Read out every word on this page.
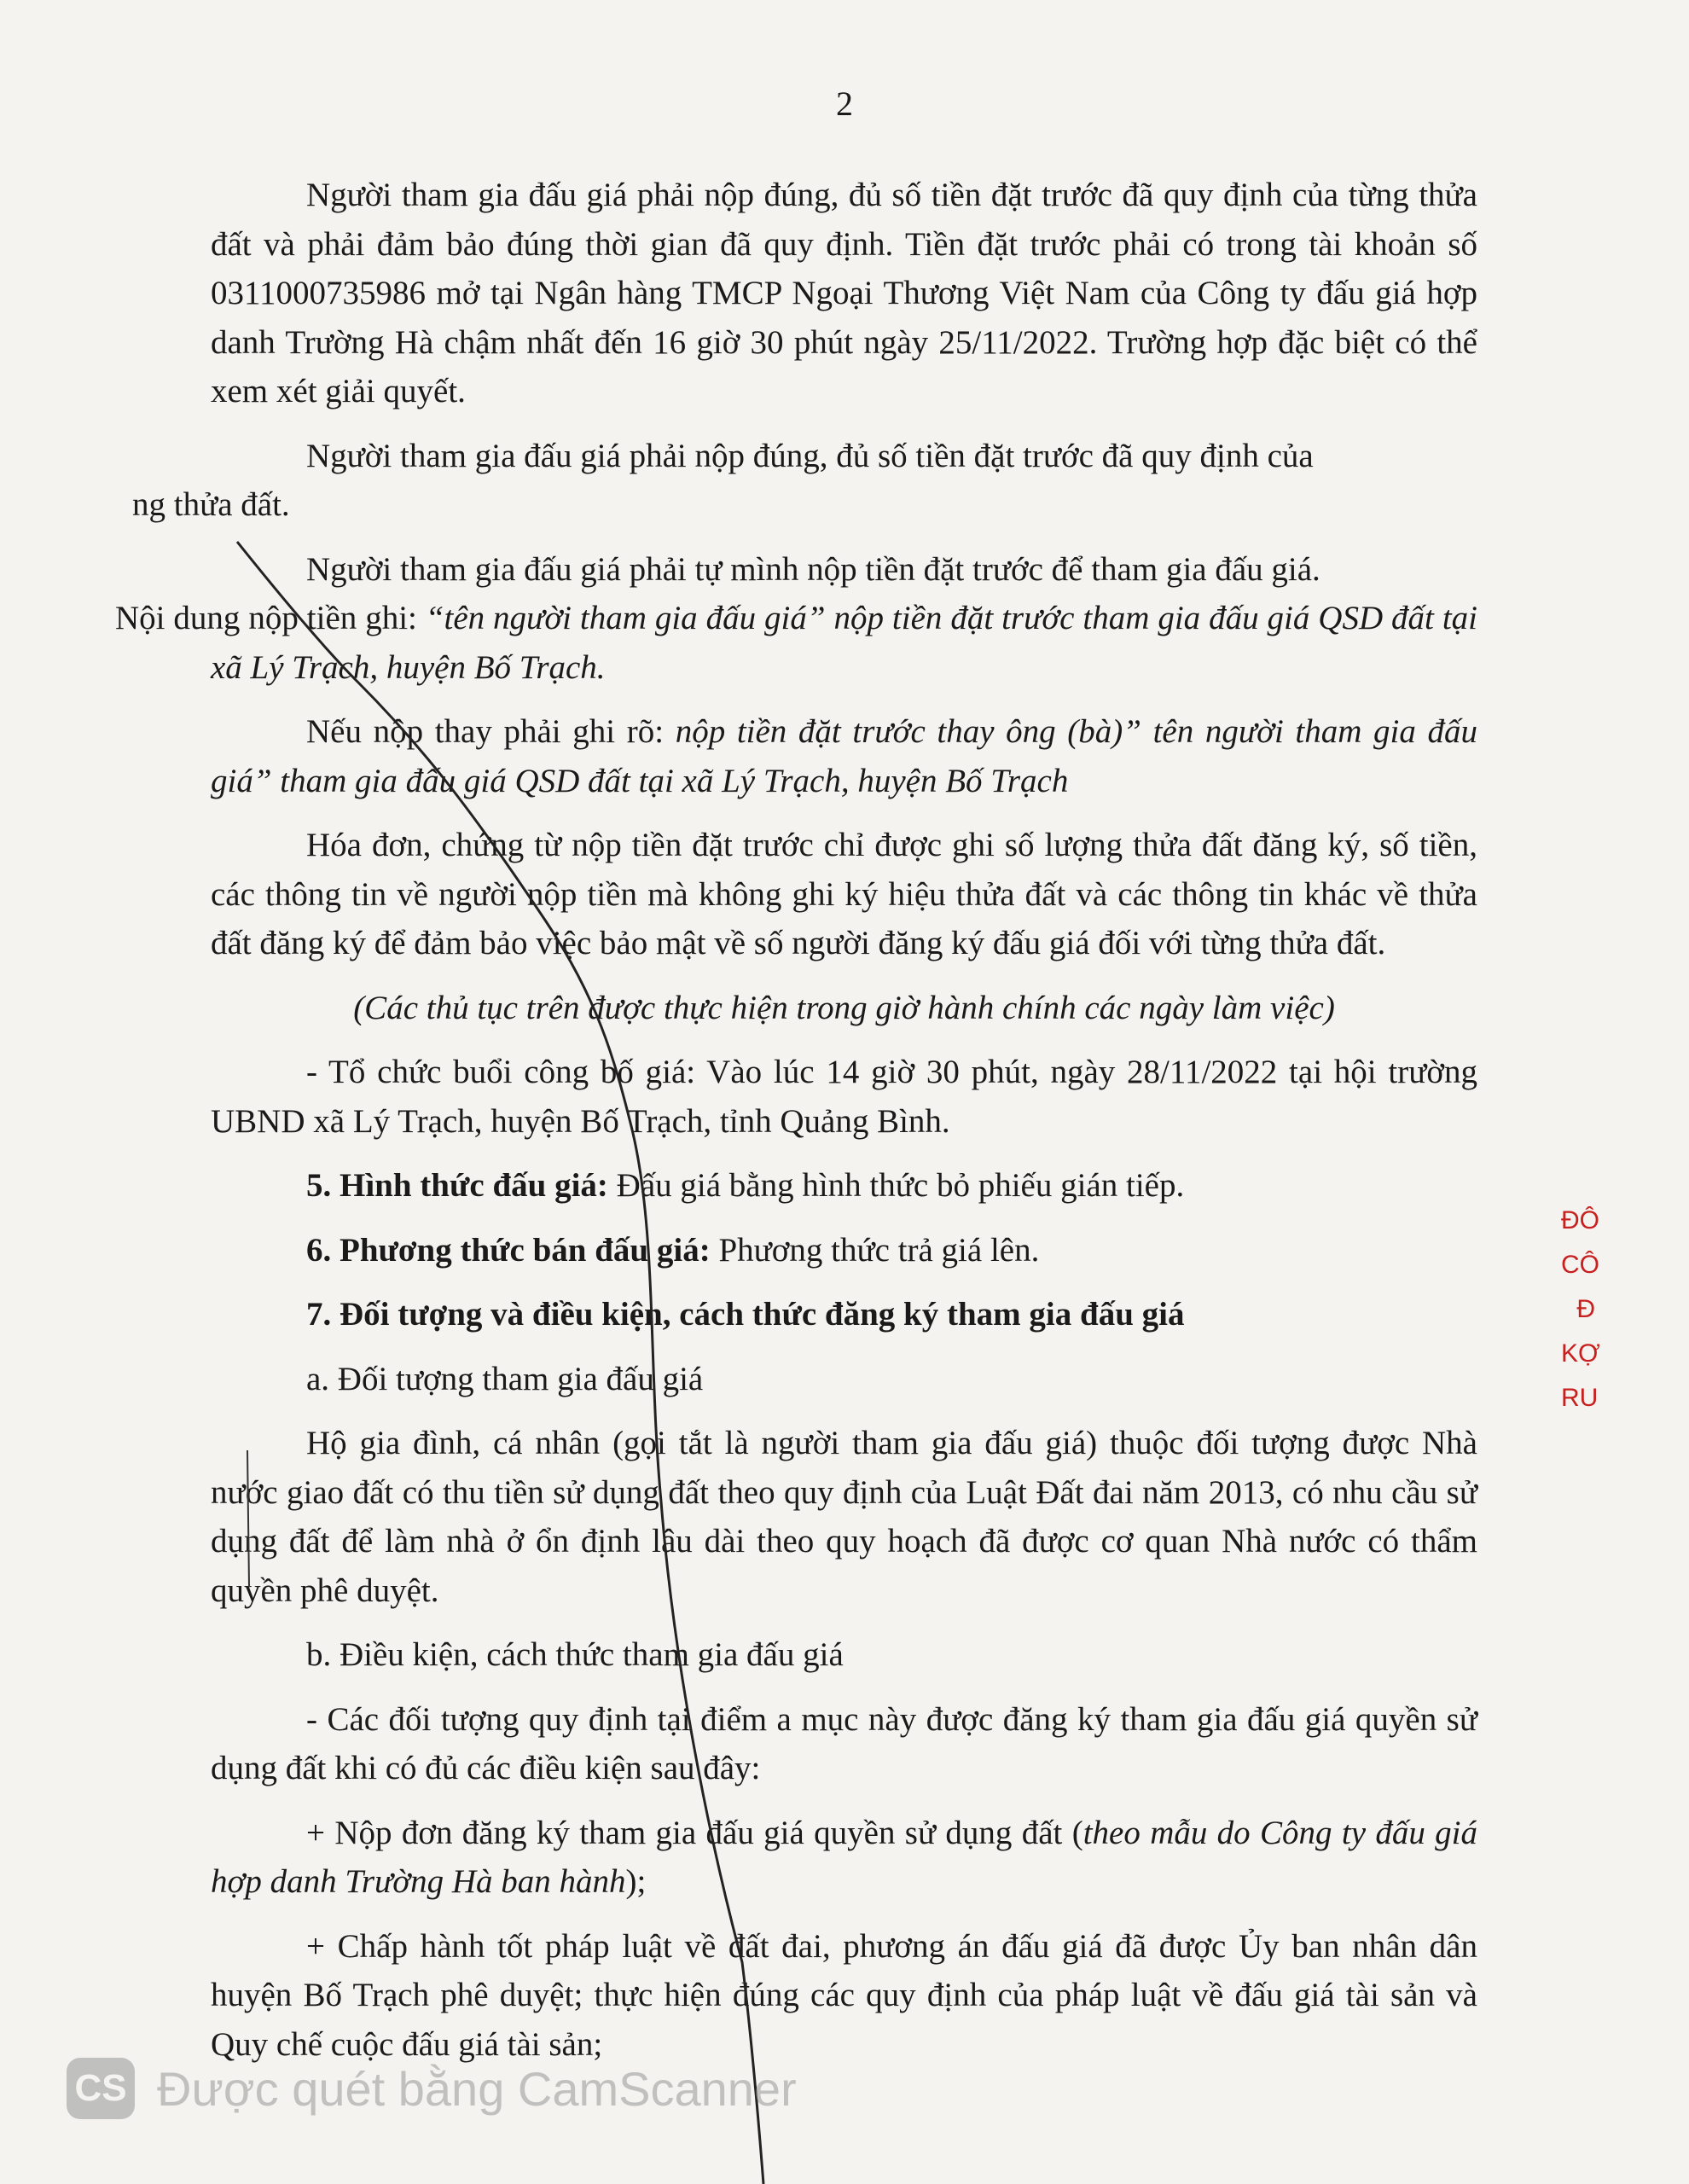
2

Người tham gia đấu giá phải nộp đúng, đủ số tiền đặt trước đã quy định của từng thửa đất và phải đảm bảo đúng thời gian đã quy định. Tiền đặt trước phải có trong tài khoản số 0311000735986 mở tại Ngân hàng TMCP Ngoại Thương Việt Nam của Công ty đấu giá hợp danh Trường Hà chậm nhất đến 16 giờ 30 phút ngày 25/11/2022. Trường hợp đặc biệt có thể xem xét giải quyết.

Người tham gia đấu giá phải nộp đúng, đủ số tiền đặt trước đã quy định của
ng thửa đất.

Người tham gia đấu giá phải tự mình nộp tiền đặt trước để tham gia đấu giá.
Nội dung nộp tiền ghi: “tên người tham gia đấu giá” nộp tiền đặt trước tham gia đấu giá QSD đất tại xã Lý Trạch, huyện Bố Trạch.

Nếu nộp thay phải ghi rõ: nộp tiền đặt trước thay ông (bà)” tên người tham gia đấu giá” tham gia đấu giá QSD đất tại xã Lý Trạch, huyện Bố Trạch

Hóa đơn, chứng từ nộp tiền đặt trước chỉ được ghi số lượng thửa đất đăng ký, số tiền, các thông tin về người nộp tiền mà không ghi ký hiệu thửa đất và các thông tin khác về thửa đất đăng ký để đảm bảo việc bảo mật về số người đăng ký đấu giá đối với từng thửa đất.

(Các thủ tục trên được thực hiện trong giờ hành chính các ngày làm việc)

- Tổ chức buổi công bố giá: Vào lúc 14 giờ 30 phút, ngày 28/11/2022 tại hội trường UBND xã Lý Trạch, huyện Bố Trạch, tỉnh Quảng Bình.

5. Hình thức đấu giá: Đấu giá bằng hình thức bỏ phiếu gián tiếp.

6. Phương thức bán đấu giá: Phương thức trả giá lên.

7. Đối tượng và điều kiện, cách thức đăng ký tham gia đấu giá

a. Đối tượng tham gia đấu giá

Hộ gia đình, cá nhân (gọi tắt là người tham gia đấu giá) thuộc đối tượng được Nhà nước giao đất có thu tiền sử dụng đất theo quy định của Luật Đất đai năm 2013, có nhu cầu sử dụng đất để làm nhà ở ổn định lâu dài theo quy hoạch đã được cơ quan Nhà nước có thẩm quyền phê duyệt.

b. Điều kiện, cách thức tham gia đấu giá

- Các đối tượng quy định tại điểm a mục này được đăng ký tham gia đấu giá quyền sử dụng đất khi có đủ các điều kiện sau đây:

+ Nộp đơn đăng ký tham gia đấu giá quyền sử dụng đất (theo mẫu do Công ty đấu giá hợp danh Trường Hà ban hành);

+ Chấp hành tốt pháp luật về đất đai, phương án đấu giá đã được Ủy ban nhân dân huyện Bố Trạch phê duyệt; thực hiện đúng các quy định của pháp luật về đấu giá tài sản và Quy chế cuộc đấu giá tài sản;

ĐÔ
CÔ
Đ
KỢ
RU
CS Được quét bằng CamScanner
